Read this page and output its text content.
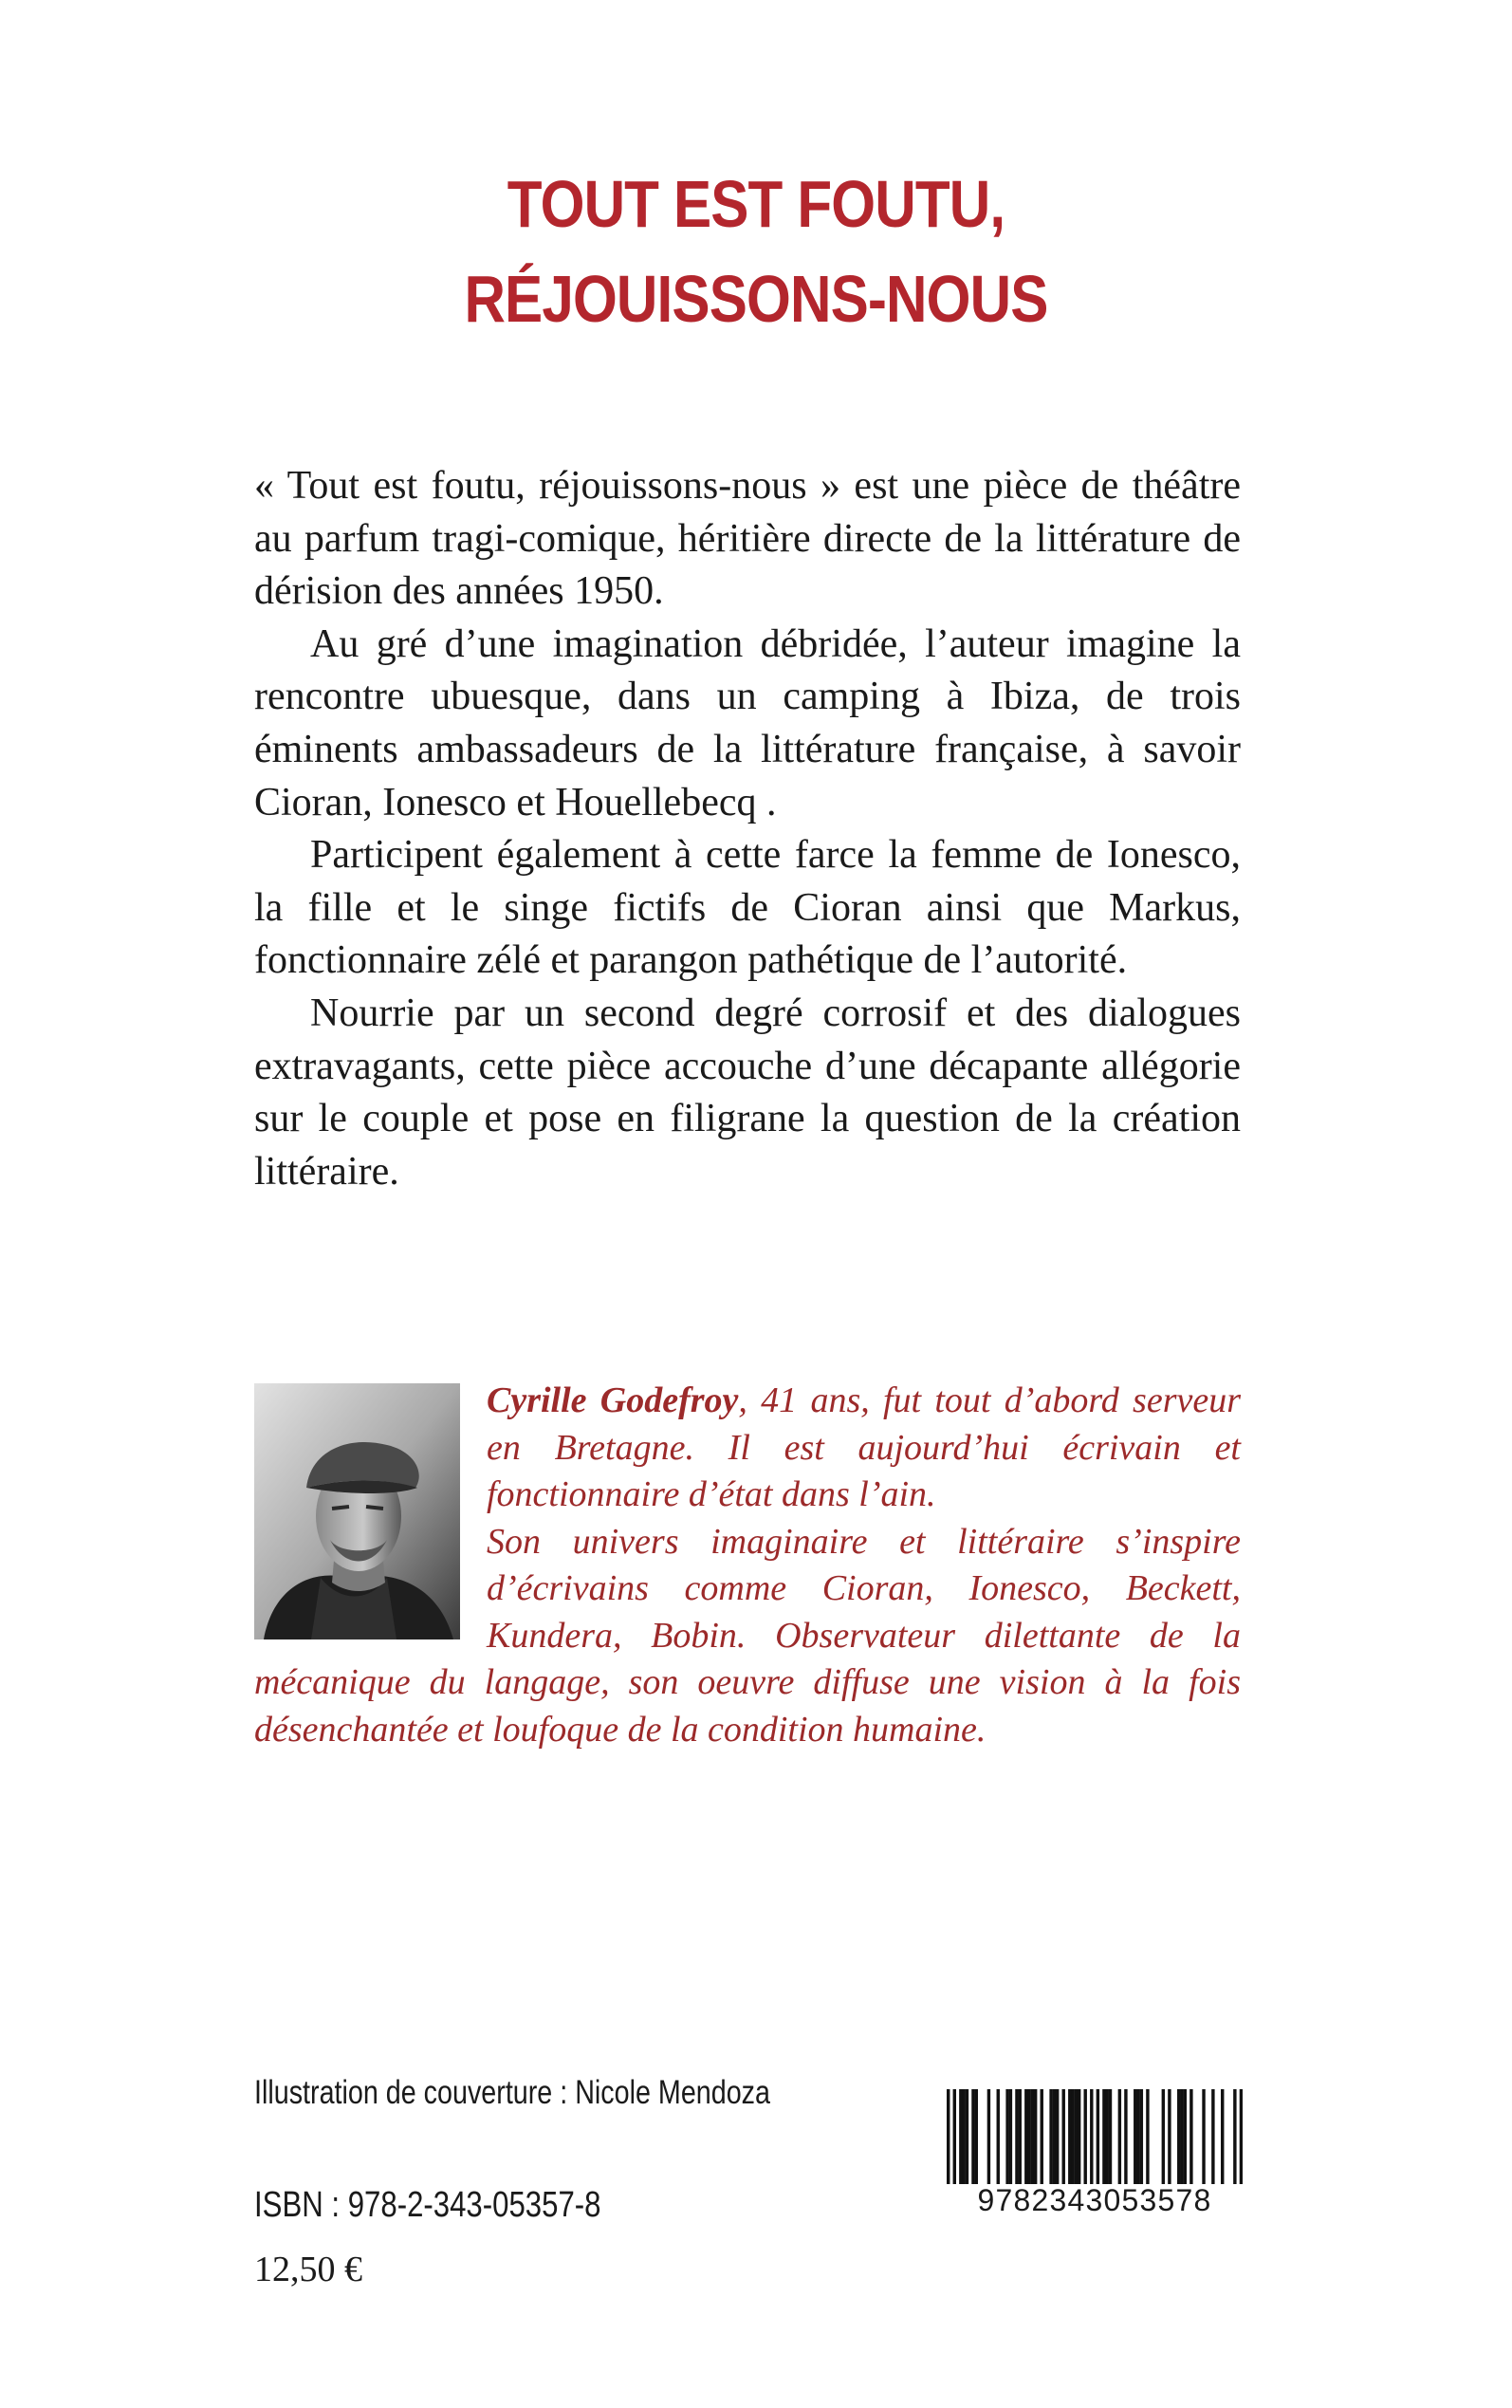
TOUT EST FOUTU,
RÉJOUISSONS-NOUS

« Tout est foutu, réjouissons-nous » est une pièce de théâtre au parfum tragi-comique, héritière directe de la littérature de dérision des années 1950.

Au gré d’une imagination débridée, l’auteur imagine la rencontre ubuesque, dans un camping à Ibiza, de trois éminents ambassadeurs de la littérature française, à savoir Cioran, Ionesco et Houellebecq .

Participent également à cette farce la femme de Ionesco, la fille et le singe fictifs de Cioran ainsi que Markus, fonctionnaire zélé et parangon pathétique de l’autorité.

Nourrie par un second degré corrosif et des dialogues extravagants, cette pièce accouche d’une décapante allégorie sur le couple et pose en filigrane la question de la création littéraire.

Cyrille Godefroy, 41 ans, fut tout d’abord serveur en Bretagne. Il est aujourd’hui écrivain et fonctionnaire d’état dans l’ain.
Son univers imaginaire et littéraire s’inspire d’écrivains comme Cioran, Ionesco, Beckett, Kundera, Bobin. Observateur dilettante de la mécanique du langage, son oeuvre diffuse une vision à la fois désenchantée et loufoque de la condition humaine.

Illustration de couverture : Nicole Mendoza
ISBN : 978-2-343-05357-8
12,50 €
9782343053578
